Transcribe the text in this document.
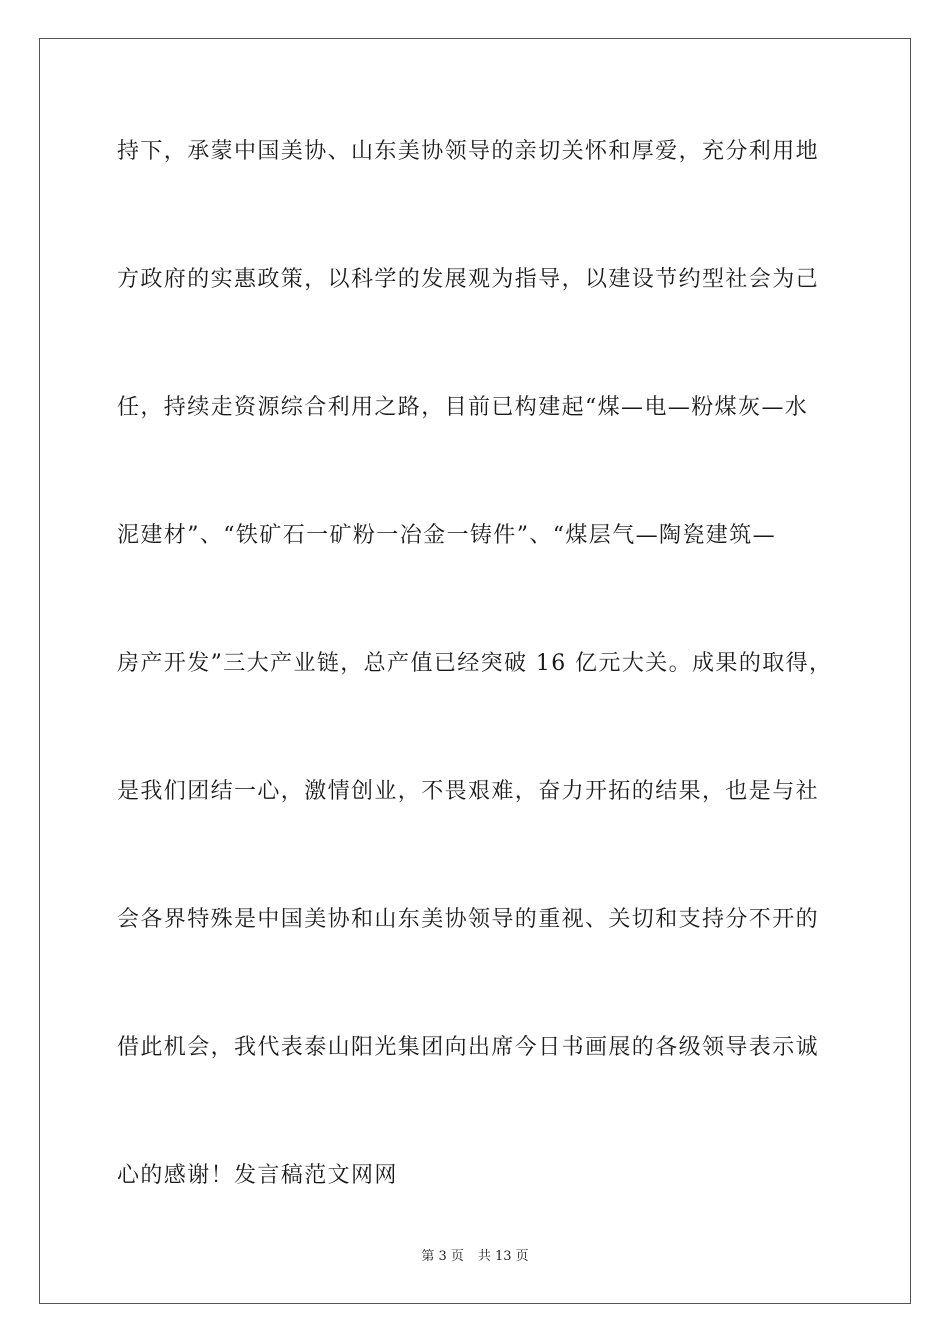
持下，承蒙中国美协、山东美协领导的亲切关怀和厚爱，充分利用地

方政府的实惠政策，以科学的发展观为指导，以建设节约型社会为己

任，持续走资源综合利用之路，目前已构建起“煤—电—粉煤灰—水

泥建材”、“铁矿石一矿粉一冶金一铸件”、“煤层气—陶瓷建筑—

房产开发”三大产业链，总产值已经突破 16 亿元大关。成果的取得，

是我们团结一心，激情创业，不畏艰难，奋力开拓的结果，也是与社

会各界特殊是中国美协和山东美协领导的重视、关切和支持分不开的

借此机会，我代表泰山阳光集团向出席今日书画展的各级领导表示诚

心的感谢！发言稿范文网网

第 3 页 共 13 页
